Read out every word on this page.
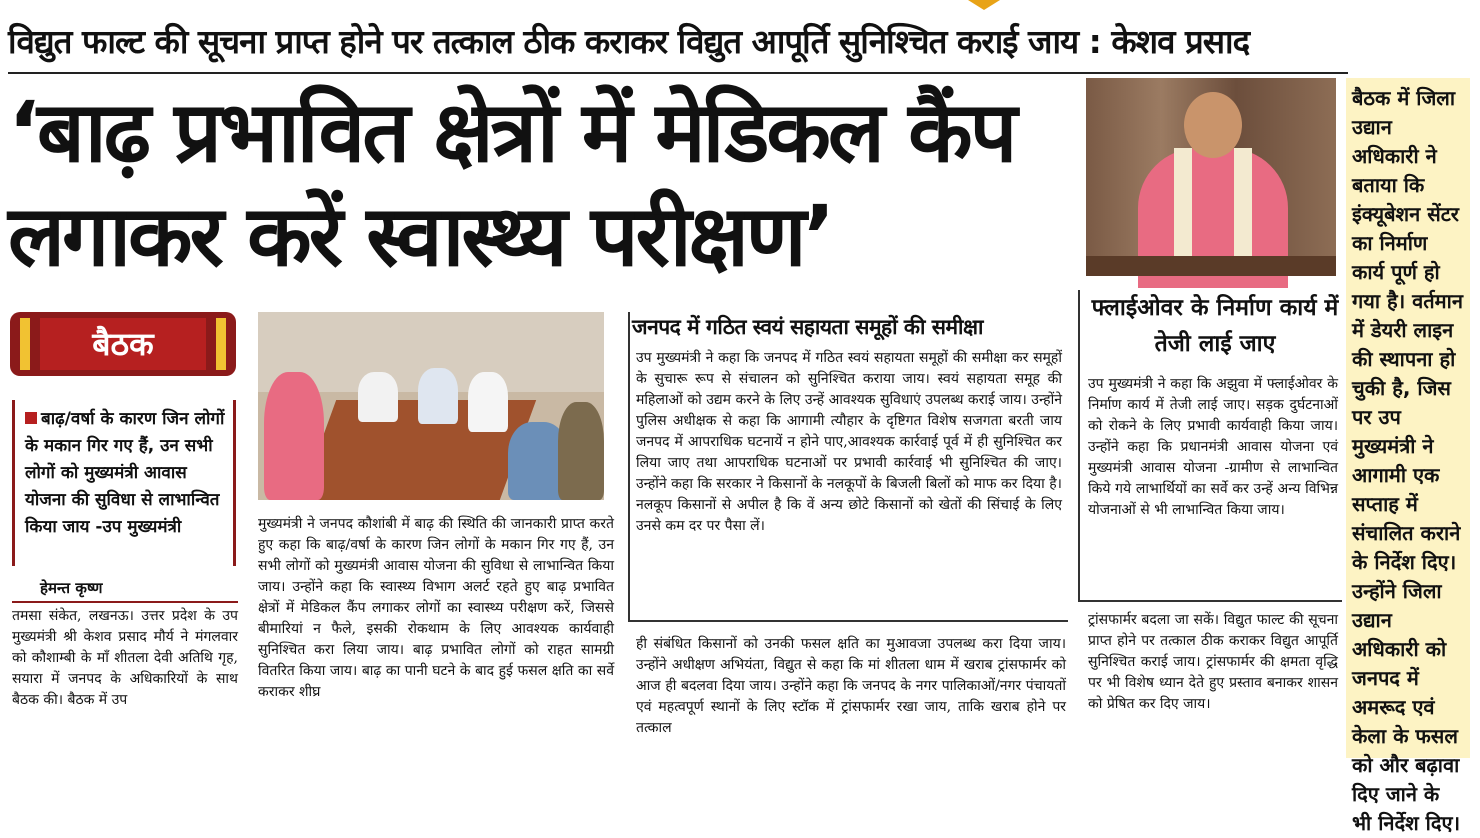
विद्युत फाल्ट की सूचना प्राप्त होने पर तत्काल ठीक कराकर विद्युत आपूर्ति सुनिश्चित कराई जाय : केशव प्रसाद
‘बाढ़ प्रभावित क्षेत्रों में मेडिकल कैंप लगाकर करें स्वास्थ्य परीक्षण’
बैठक में जिला उद्यान अधिकारी ने बताया कि इंक्यूबेशन सेंटर का निर्माण कार्य पूर्ण हो गया है। वर्तमान में डेयरी लाइन की स्थापना हो चुकी है, जिस पर उप मुख्यमंत्री ने आगामी एक सप्ताह में संचालित कराने के निर्देश दिए। उन्होंने जिला उद्यान अधिकारी को जनपद में अमरूद एवं केला के फसल को और बढ़ावा दिए जाने के भी निर्देश दिए।
बैठक
बाढ़/वर्षा के कारण जिन लोगों के मकान गिर गए हैं, उन सभी लोगों को मुख्यमंत्री आवास योजना की सुविधा से लाभान्वित किया जाय -उप मुख्यमंत्री
हेमन्त कृष्ण
तमसा संकेत, लखनऊ। उत्तर प्रदेश के उप मुख्यमंत्री श्री केशव प्रसाद मौर्य ने मंगलवार को कौशाम्बी के माँ शीतला देवी अतिथि गृह, सयारा में जनपद के अधिकारियों के साथ बैठक की। बैठक में उप
मुख्यमंत्री ने जनपद कौशांबी में बाढ़ की स्थिति की जानकारी प्राप्त करते हुए कहा कि बाढ़/वर्षा के कारण जिन लोगों के मकान गिर गए हैं, उन सभी लोगों को मुख्यमंत्री आवास योजना की सुविधा से लाभान्वित किया जाय। उन्होंने कहा कि स्वास्थ्य विभाग अलर्ट रहते हुए बाढ़ प्रभावित क्षेत्रों में मेडिकल कैंप लगाकर लोगों का स्वास्थ्य परीक्षण करें, जिससे बीमारियां न फैले, इसकी रोकथाम के लिए आवश्यक कार्यवाही सुनिश्चित करा लिया जाय। बाढ़ प्रभावित लोगों को राहत सामग्री वितरित किया जाय। बाढ़ का पानी घटने के बाद हुई फसल क्षति का सर्वे कराकर शीघ्र
जनपद में गठित स्वयं सहायता समूहों की समीक्षा
उप मुख्यमंत्री ने कहा कि जनपद में गठित स्वयं सहायता समूहों की समीक्षा कर समूहों के सुचारू रूप से संचालन को सुनिश्चित कराया जाय। स्वयं सहायता समूह की महिलाओं को उद्यम करने के लिए उन्हें आवश्यक सुविधाएं उपलब्ध कराई जाय। उन्होंने पुलिस अधीक्षक से कहा कि आगामी त्यौहार के दृष्टिगत विशेष सजगता बरती जाय जनपद में आपराधिक घटनायें न होने पाए,आवश्यक कार्रवाई पूर्व में ही सुनिश्चित कर लिया जाए तथा आपराधिक घटनाओं पर प्रभावी कार्रवाई भी सुनिश्चित की जाए। उन्होंने कहा कि सरकार ने किसानों के नलकूपों के बिजली बिलों को माफ कर दिया है। नलकूप किसानों से अपील है कि वें अन्य छोटे किसानों को खेतों की सिंचाई के लिए उनसे कम दर पर पैसा लें।
ही संबंधित किसानों को उनकी फसल क्षति का मुआवजा उपलब्ध करा दिया जाय। उन्होंने अधीक्षण अभियंता, विद्युत से कहा कि मां शीतला धाम में खराब ट्रांसफार्मर को आज ही बदलवा दिया जाय। उन्होंने कहा कि जनपद के नगर पालिकाओं/नगर पंचायतों एवं महत्वपूर्ण स्थानों के लिए स्टॉक में ट्रांसफार्मर रखा जाय, ताकि खराब होने पर तत्काल
फ्लाईओवर के निर्माण कार्य में तेजी लाई जाए
उप मुख्यमंत्री ने कहा कि अझुवा में फ्लाईओवर के निर्माण कार्य में तेजी लाई जाए। सड़क दुर्घटनाओं को रोकने के लिए प्रभावी कार्यवाही किया जाय। उन्होंने कहा कि प्रधानमंत्री आवास योजना एवं मुख्यमंत्री आवास योजना -ग्रामीण से लाभान्वित किये गये लाभार्थियों का सर्वे कर उन्हें अन्य विभिन्न योजनाओं से भी लाभान्वित किया जाय।
ट्रांसफार्मर बदला जा सकें। विद्युत फाल्ट की सूचना प्राप्त होने पर तत्काल ठीक कराकर विद्युत आपूर्ति सुनिश्चित कराई जाय। ट्रांसफार्मर की क्षमता वृद्धि पर भी विशेष ध्यान देते हुए प्रस्ताव बनाकर शासन को प्रेषित कर दिए जाय।
